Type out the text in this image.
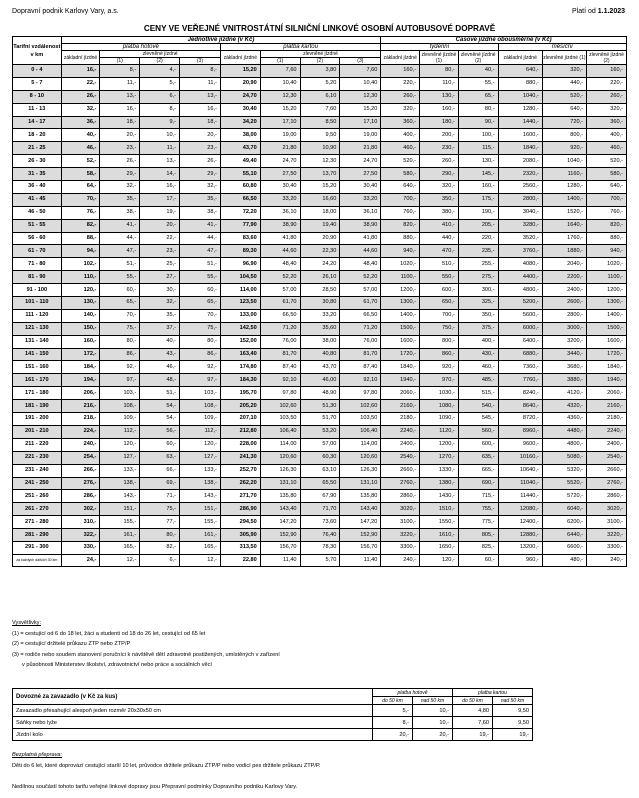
Dopravní podnik Karlovy Vary, a.s.	Platí od 1.1.2023
CENY VE VEŘEJNÉ VNITROSTÁTNÍ SILNIČNÍ LINKOVÉ OSOBNÍ AUTOBUSOVÉ DOPRAVĚ
Tarifní vzdálenost v km	Jednotlivé jízdné (v Kč)								Časové jízdné obousměrné (v Kč)					
	platba hotově				platba kartou				týdenní			měsíční		
	základní jízdné	zlevněné jízdné			základní jízdné	zlevněné jízdné			základní jízdné	zlevněné jízdné (1)	zlevněné jízdné (2)	základní jízdné	zlevněné jízdné (1)	zlevněné jízdné (2)
		(1)	(2)	(3)		(1)	(2)	(3)						
0 - 4	16,-	8,-	4,-	8,-	15,20	7,60	3,80	7,60	160,-	80,-	40,-	640,-	320,-	160,-
5 - 7	22,-	11,-	5,-	11,-	20,90	10,40	5,20	10,40	220,-	110,-	55,-	880,-	440,-	220,-
8 - 10	26,-	13,-	6,-	13,-	24,70	12,30	6,10	12,30	260,-	130,-	65,-	1040,-	520,-	260,-
11 - 13	32,-	16,-	8,-	16,-	30,40	15,20	7,60	15,20	320,-	160,-	80,-	1280,-	640,-	320,-
14 - 17	36,-	18,-	9,-	18,-	34,20	17,10	8,50	17,10	360,-	180,-	90,-	1440,-	720,-	360,-
18 - 20	40,-	20,-	10,-	20,-	38,00	19,00	9,50	19,00	400,-	200,-	100,-	1600,-	800,-	400,-
21 - 25	46,-	23,-	11,-	23,-	43,70	21,80	10,90	21,80	460,-	230,-	115,-	1840,-	920,-	460,-
26 - 30	52,-	26,-	13,-	26,-	49,40	24,70	12,30	24,70	520,-	260,-	130,-	2080,-	1040,-	520,-
31 - 35	58,-	29,-	14,-	29,-	55,10	27,50	13,70	27,50	580,-	290,-	145,-	2320,-	1160,-	580,-
36 - 40	64,-	32,-	16,-	32,-	60,80	30,40	15,20	30,40	640,-	320,-	160,-	2560,-	1280,-	640,-
41 - 45	70,-	35,-	17,-	35,-	66,50	33,20	16,60	33,20	700,-	350,-	175,-	2800,-	1400,-	700,-
46 - 50	76,-	38,-	19,-	38,-	72,20	36,10	18,00	36,10	760,-	380,-	190,-	3040,-	1520,-	760,-
51 - 55	82,-	41,-	20,-	41,-	77,90	38,90	19,40	38,90	820,-	410,-	205,-	3280,-	1640,-	820,-
56 - 60	88,-	44,-	22,-	44,-	83,60	41,80	20,90	41,80	880,-	440,-	220,-	3520,-	1760,-	880,-
61 - 70	94,-	47,-	23,-	47,-	89,30	44,60	22,30	44,60	940,-	470,-	235,-	3760,-	1880,-	940,-
71 - 80	102,-	51,-	25,-	51,-	96,90	48,40	24,20	48,40	1020,-	510,-	255,-	4080,-	2040,-	1020,-
81 - 90	110,-	55,-	27,-	55,-	104,50	52,20	26,10	52,20	1100,-	550,-	275,-	4400,-	2200,-	1100,-
91 - 100	120,-	60,-	30,-	60,-	114,00	57,00	28,50	57,00	1200,-	600,-	300,-	4800,-	2400,-	1200,-
101 - 110	130,-	65,-	32,-	65,-	123,50	61,70	30,80	61,70	1300,-	650,-	325,-	5200,-	2600,-	1300,-
111 - 120	140,-	70,-	35,-	70,-	133,00	66,50	33,20	66,50	1400,-	700,-	350,-	5600,-	2800,-	1400,-
121 - 130	150,-	75,-	37,-	75,-	142,50	71,20	35,60	71,20	1500,-	750,-	375,-	6000,-	3000,-	1500,-
131 - 140	160,-	80,-	40,-	80,-	152,00	76,00	38,00	76,00	1600,-	800,-	400,-	6400,-	3200,-	1600,-
141 - 150	172,-	86,-	43,-	86,-	163,40	81,70	40,80	81,70	1720,-	860,-	430,-	6880,-	3440,-	1720,-
151 - 160	184,-	92,-	46,-	92,-	174,80	87,40	43,70	87,40	1840,-	920,-	460,-	7360,-	3680,-	1840,-
161 - 170	194,-	97,-	48,-	97,-	184,30	92,10	46,00	92,10	1940,-	970,-	485,-	7760,-	3880,-	1940,-
171 - 180	206,-	103,-	51,-	103,-	195,70	97,80	48,90	97,80	2060,-	1030,-	515,-	8240,-	4120,-	2060,-
181 - 190	216,-	108,-	54,-	108,-	205,20	102,60	51,30	102,60	2160,-	1080,-	540,-	8640,-	4320,-	2160,-
191 - 200	218,-	109,-	54,-	109,-	207,10	103,50	51,70	103,50	2180,-	1090,-	545,-	8720,-	4360,-	2180,-
201 - 210	224,-	112,-	56,-	112,-	212,80	106,40	53,20	106,40	2240,-	1120,-	560,-	8960,-	4480,-	2240,-
211 - 220	240,-	120,-	60,-	120,-	228,00	114,00	57,00	114,00	2400,-	1200,-	600,-	9600,-	4800,-	2400,-
221 - 230	254,-	127,-	63,-	127,-	241,30	120,60	60,30	120,60	2540,-	1270,-	635,-	10160,-	5080,-	2540,-
231 - 240	266,-	133,-	66,-	133,-	252,70	126,30	63,10	126,30	2660,-	1330,-	665,-	10640,-	5320,-	2660,-
241 - 250	276,-	138,-	69,-	138,-	262,20	131,10	65,50	131,10	2760,-	1380,-	690,-	11040,-	5520,-	2760,-
251 - 260	286,-	143,-	71,-	143,-	271,70	135,80	67,90	135,80	2860,-	1430,-	715,-	11440,-	5720,-	2860,-
261 - 270	302,-	151,-	75,-	151,-	286,90	143,40	71,70	143,40	3020,-	1510,-	755,-	12080,-	6040,-	3020,-
271 - 280	310,-	155,-	77,-	155,-	294,50	147,20	73,60	147,20	3100,-	1550,-	775,-	12400,-	6200,-	3100,-
281 - 290	322,-	161,-	80,-	161,-	305,90	152,90	76,40	152,90	3220,-	1610,-	805,-	12880,-	6440,-	3220,-
291 - 300	330,-	165,-	82,-	165,-	313,50	156,70	78,30	156,70	3300,-	1650,-	825,-	13200,-	6600,-	3300,-
za každých dalších 30 km	24,-	12,-	6,-	12,-	22,80	11,40	5,70	11,40	240,-	120,-	60,-	960,-	480,-	240,-
Vysvětlivky:
(1) = cestující od 6 do 18 let, žáci a studenti od 18 do 26 let, cestující od 65 let
(2) = cestující držitelé průkazu ZTP nebo ZTP/P
(3) = rodiče nebo soudem stanovení poručníci k návštěvě dětí zdravotně postižených, umístěných v zařízení
v působnosti Ministerstev školství, zdravotnictví nebo práce a sociálních věcí
Dovozné za zavazadlo (v Kč za kus)	platba hotově		platba kartou	
	do 50 km	nad 50 km	do 50 km	nad 50 km
Zavazadlo přesahující alespoň jeden rozměr 20x30x50 cm	5,-	10,-	4,80	9,50
Sáňky nebo lyže	8,-	10,-	7,60	9,50
Jízdní kolo	20,-	20,-	19,-	19,-
Bezplatná přeprava:
Děti do 6 let, které doprovází cestující starší 10 let, průvodce držitele průkazu ZTP/P nebo vodicí pes držitele průkazu ZTP/P.
Nedílnou součástí tohoto tarifu veřejné linkové dopravy jsou Přepravní podmínky Dopravního podniku Karlovy Vary.
